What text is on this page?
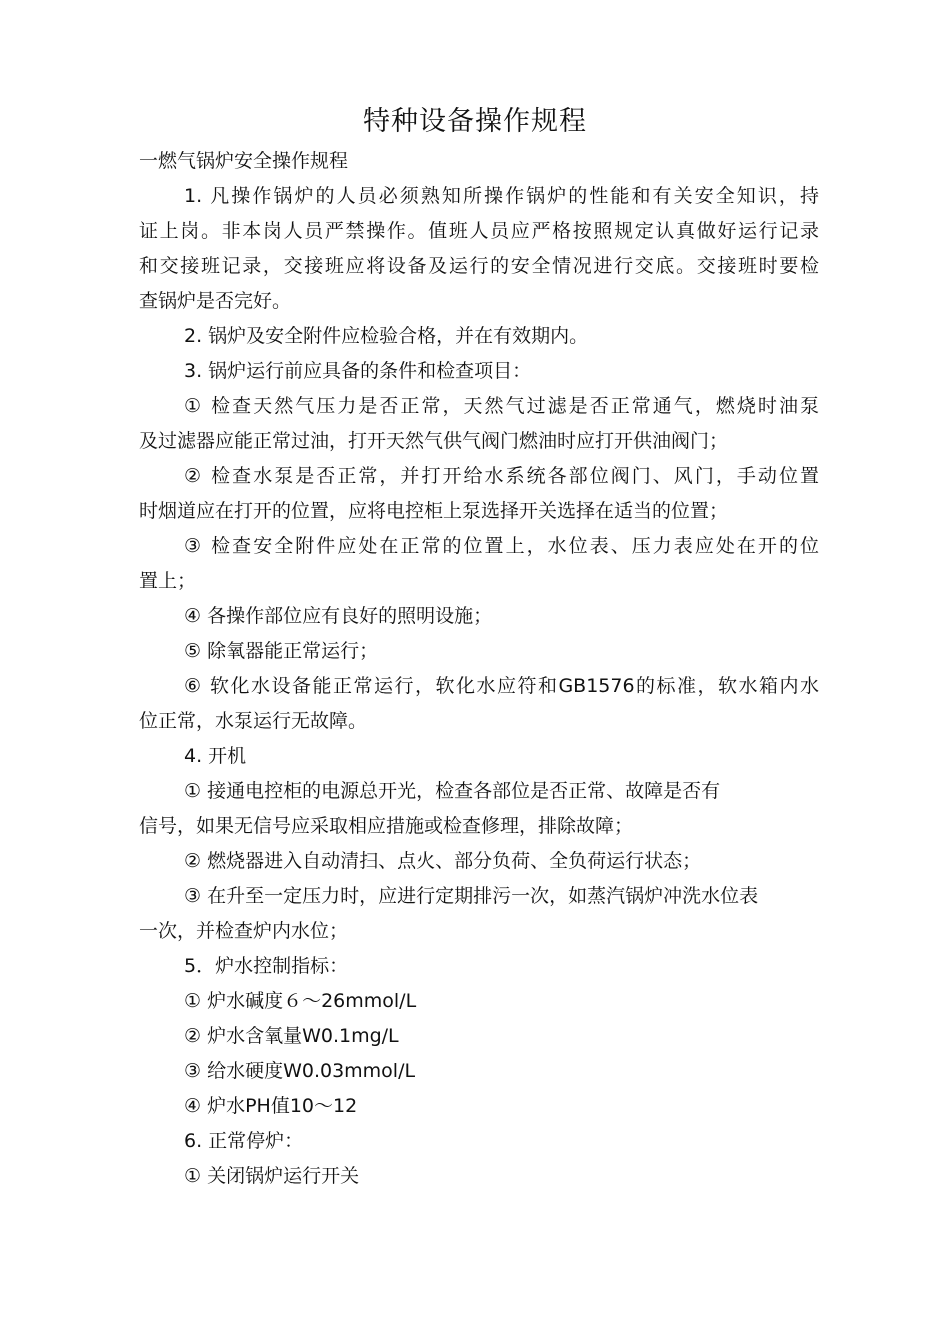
特种设备操作规程
一燃气锅炉安全操作规程
1. 凡操作锅炉的人员必须熟知所操作锅炉的性能和有关安全知识，持
证上岗。非本岗人员严禁操作。值班人员应严格按照规定认真做好运行记录
和交接班记录，交接班应将设备及运行的安全情况进行交底。交接班时要检
查锅炉是否完好。
2. 锅炉及安全附件应检验合格，并在有效期内。
3. 锅炉运行前应具备的条件和检查项目：
① 检查天然气压力是否正常，天然气过滤是否正常通气，燃烧时油泵
及过滤器应能正常过油，打开天然气供气阀门燃油时应打开供油阀门；
② 检查水泵是否正常，并打开给水系统各部位阀门、风门，手动位置
时烟道应在打开的位置，应将电控柜上泵选择开关选择在适当的位置；
③ 检查安全附件应处在正常的位置上，水位表、压力表应处在开的位
置上；
④ 各操作部位应有良好的照明设施；
⑤ 除氧器能正常运行；
⑥ 软化水设备能正常运行，软化水应符和GB1576的标准，软水箱内水
位正常，水泵运行无故障。
4. 开机
① 接通电控柜的电源总开光，检查各部位是否正常、故障是否有
信号，如果无信号应采取相应措施或检查修理，排除故障；
② 燃烧器进入自动清扫、点火、部分负荷、全负荷运行状态；
③ 在升至一定压力时，应进行定期排污一次，如蒸汽锅炉冲洗水位表
一次，并检查炉内水位；
5．炉水控制指标：
① 炉水碱度６〜26mmol/L
② 炉水含氧量W0.1mg/L
③ 给水硬度W0.03mmol/L
④ 炉水PH值10〜12
6. 正常停炉：
① 关闭锅炉运行开关
